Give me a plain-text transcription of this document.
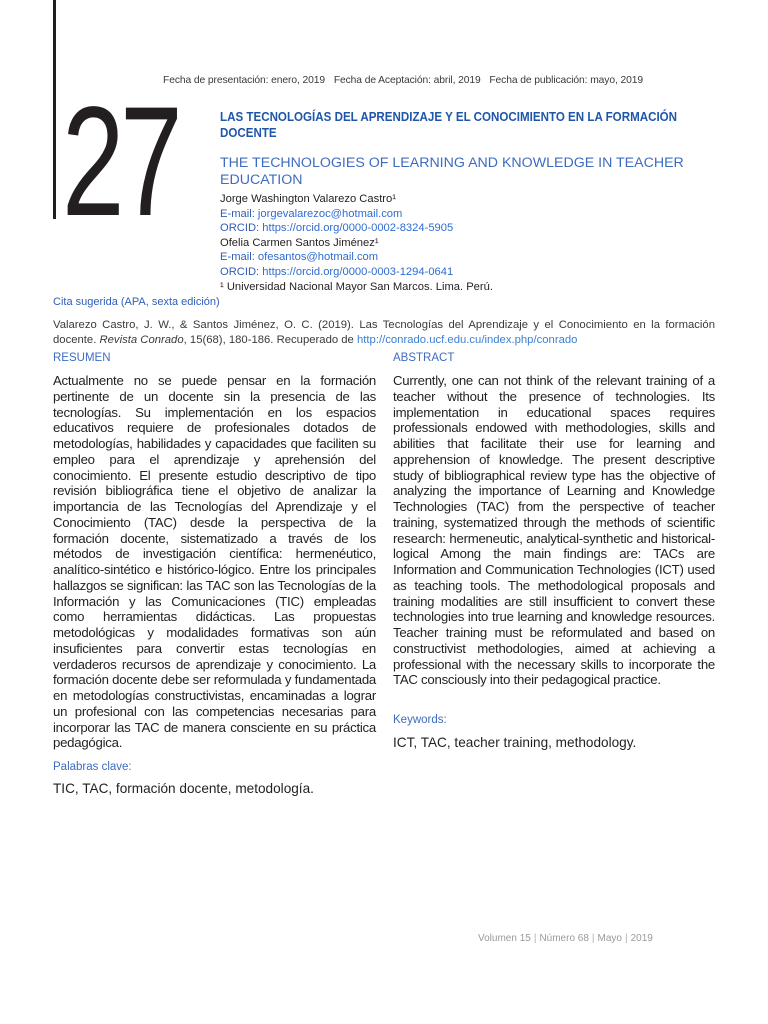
Fecha de presentación: enero, 2019 Fecha de Aceptación: abril, 2019 Fecha de publicación: mayo, 2019
27	LAS TECNOLOGÍAS DEL APRENDIZAJE Y EL CONOCIMIENTO EN LA FORMACIÓN DOCENTE
THE TECHNOLOGIES OF LEARNING AND KNOWLEDGE IN TEACHER EDUCATION
Jorge Washington Valarezo Castro¹
E-mail: jorgevalarezoc@hotmail.com
ORCID: https://orcid.org/0000-0002-8324-5905
Ofelia Carmen Santos Jiménez¹
E-mail: ofesantos@hotmail.com
ORCID: https://orcid.org/0000-0003-1294-0641
¹ Universidad Nacional Mayor San Marcos. Lima. Perú.
Cita sugerida (APA, sexta edición)
Valarezo Castro, J. W., & Santos Jiménez, O. C. (2019). Las Tecnologías del Aprendizaje y el Conocimiento en la formación docente. Revista Conrado, 15(68), 180-186. Recuperado de http://conrado.ucf.edu.cu/index.php/conrado
RESUMEN
Actualmente no se puede pensar en la formación pertinente de un docente sin la presencia de las tecnologías. Su implementación en los espacios educativos requiere de profesionales dotados de metodologías, habilidades y capacidades que faciliten su empleo para el aprendizaje y aprehensión del conocimiento. El presente estudio descriptivo de tipo revisión bibliográfica tiene el objetivo de analizar la importancia de las Tecnologías del Aprendizaje y el Conocimiento (TAC) desde la perspectiva de la formación docente, sistematizado a través de los métodos de investigación científica: hermenéutico, analítico-sintético e histórico-lógico. Entre los principales hallazgos se significan: las TAC son las Tecnologías de la Información y las Comunicaciones (TIC) empleadas como herramientas didácticas. Las propuestas metodológicas y modalidades formativas son aún insuficientes para convertir estas tecnologías en verdaderos recursos de aprendizaje y conocimiento. La formación docente debe ser reformulada y fundamentada en metodologías constructivistas, encaminadas a lograr un profesional con las competencias necesarias para incorporar las TAC de manera consciente en su práctica pedagógica.
ABSTRACT
Currently, one can not think of the relevant training of a teacher without the presence of technologies. Its implementation in educational spaces requires professionals endowed with methodologies, skills and abilities that facilitate their use for learning and apprehension of knowledge. The present descriptive study of bibliographical review type has the objective of analyzing the importance of Learning and Knowledge Technologies (TAC) from the perspective of teacher training, systematized through the methods of scientific research: hermeneutic, analytical-synthetic and historical-logical Among the main findings are: TACs are Information and Communication Technologies (ICT) used as teaching tools. The methodological proposals and training modalities are still insufficient to convert these technologies into true learning and knowledge resources. Teacher training must be reformulated and based on constructivist methodologies, aimed at achieving a professional with the necessary skills to incorporate the TAC consciously into their pedagogical practice.
Palabras clave:
TIC, TAC, formación docente, metodología.
Keywords:
ICT, TAC, teacher training, methodology.
Volumen 15 | Número 68 | Mayo | 2019
